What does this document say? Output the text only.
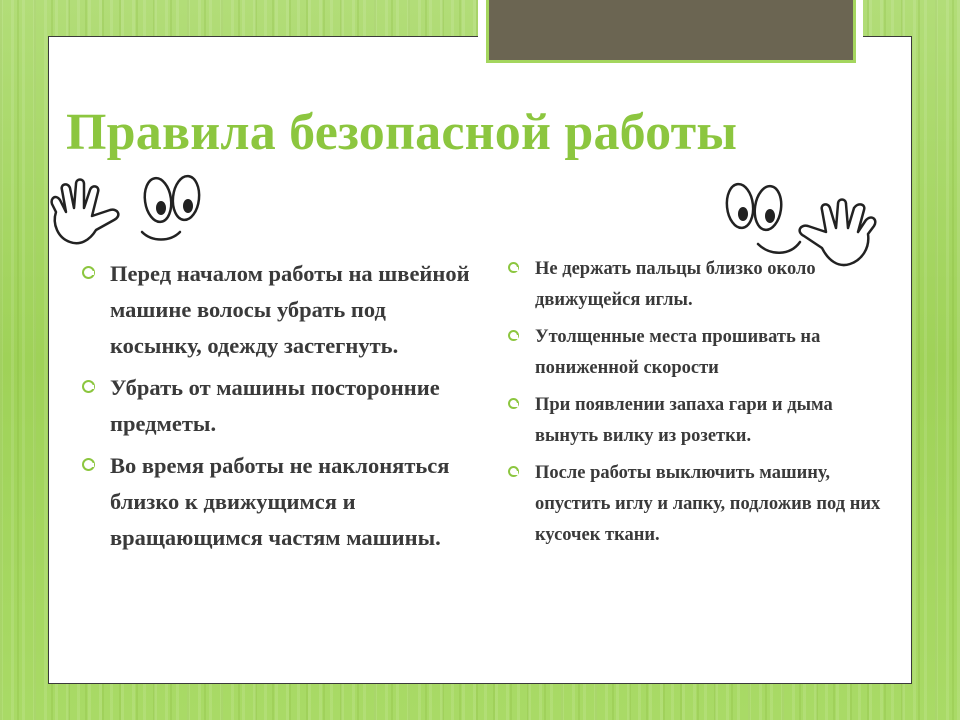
Правила безопасной работы
Перед началом работы на швейной машине волосы убрать под косынку, одежду застегнуть.
Убрать от машины посторонние предметы.
Во время работы не наклоняться близко к движущимся и вращающимся частям машины.
Не держать пальцы близко около движущейся иглы.
Утолщенные места прошивать на пониженной скорости
При появлении запаха гари и дыма вынуть вилку из розетки.
После работы выключить машину, опустить иглу и лапку, подложив под них кусочек ткани.
